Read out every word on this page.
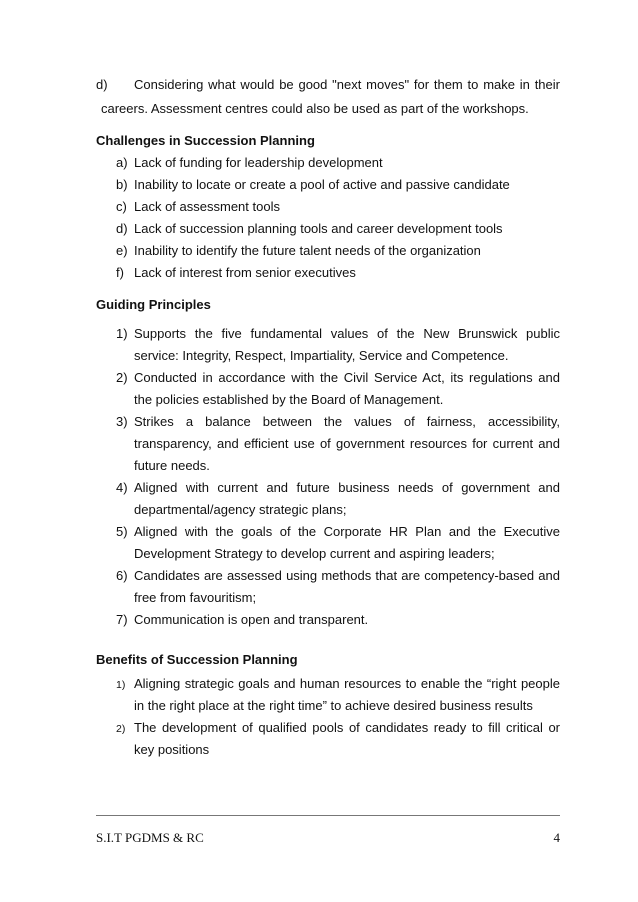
d)	Considering what would be good "next moves" for them to make in their
careers. Assessment centres could also be used as part of the workshops.
Challenges in Succession Planning
a) Lack of funding for leadership development
b) Inability to locate or create a pool of active and passive candidate
c) Lack of assessment tools
d) Lack of succession planning tools and career development tools
e) Inability to identify the future talent needs of the organization
f) Lack of interest from senior executives
Guiding Principles
1) Supports the five fundamental values of the New Brunswick public service: Integrity, Respect, Impartiality, Service and Competence.
2) Conducted in accordance with the Civil Service Act, its regulations and the policies established by the Board of Management.
3) Strikes a balance between the values of fairness, accessibility, transparency, and efficient use of government resources for current and future needs.
4) Aligned with current and future business needs of government and departmental/agency strategic plans;
5) Aligned with the goals of the Corporate HR Plan and the Executive Development Strategy to develop current and aspiring leaders;
6) Candidates are assessed using methods that are competency-based and free from favouritism;
7) Communication is open and transparent.
Benefits of Succession Planning
1) Aligning strategic goals and human resources to enable the “right people in the right place at the right time” to achieve desired business results
2) The development of qualified pools of candidates ready to fill critical or key positions
S.I.T PGDMS & RC	4
